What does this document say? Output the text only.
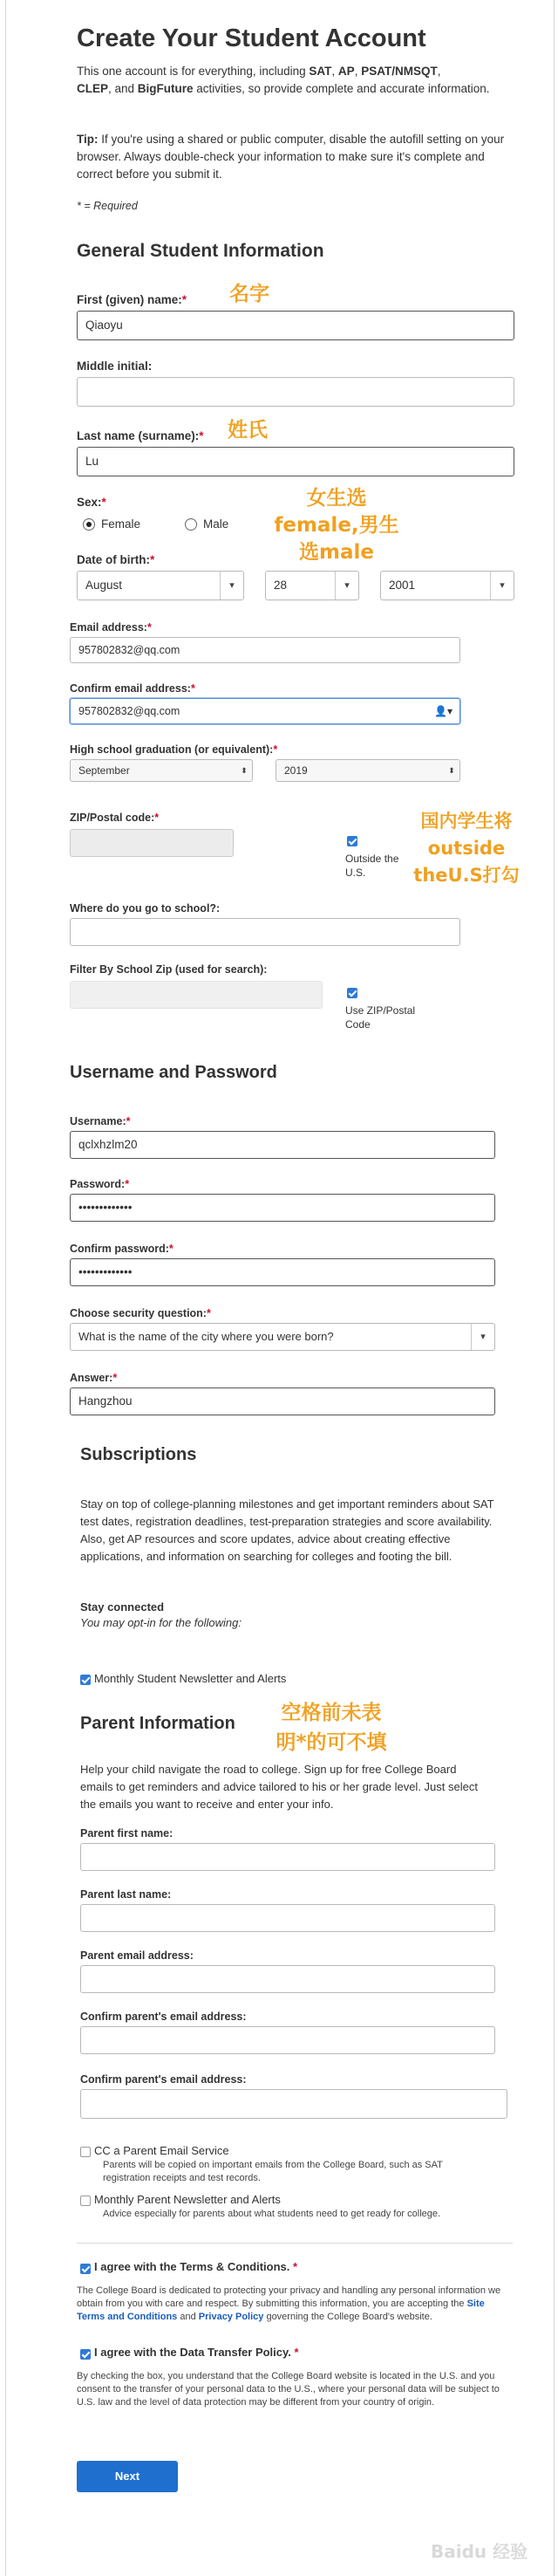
Create Your Student Account
This one account is for everything, including SAT, AP, PSAT/NMSQT,
CLEP, and BigFuture activities, so provide complete and accurate information.
Tip: If you're using a shared or public computer, disable the autofill setting on your browser. Always double-check your information to make sure it's complete and correct before you submit it.
* = Required
General Student Information
First (given) name:*
Qiaoyu
名字
Middle initial:
Last name (surname):*
Lu
姓氏
Sex:*
Female	Male
女生选
female,男生
选male
Date of birth:*
August	▾	28	▾	2001	▾
Email address:*
957802832@qq.com
Confirm email address:*
957802832@qq.com	👤▾
High school graduation (or equivalent):*
September	⬍	2019	⬍
ZIP/Postal code:*
Outside the
U.S.
国内学生将
outside
theU.S打勾
Where do you go to school?:
Filter By School Zip (used for search):
Use ZIP/Postal
Code
Username and Password
Username:*
qclxhzlm20
Password:*
•••••••••••••
Confirm password:*
•••••••••••••
Choose security question:*
What is the name of the city where you were born?	▾
Answer:*
Hangzhou
Subscriptions
Stay on top of college-planning milestones and get important reminders about SAT test dates, registration deadlines, test-preparation strategies and score availability. Also, get AP resources and score updates, advice about creating effective applications, and information on searching for colleges and footing the bill.
Stay connected
You may opt-in for the following:
Monthly Student Newsletter and Alerts
Parent Information	空格前未表
明*的可不填
Help your child navigate the road to college. Sign up for free College Board emails to get reminders and advice tailored to his or her grade level. Just select the emails you want to receive and enter your info.
Parent first name:
Parent last name:
Parent email address:
Confirm parent's email address:
Confirm parent's email address:
CC a Parent Email Service
Parents will be copied on important emails from the College Board, such as SAT registration receipts and test records.
Monthly Parent Newsletter and Alerts
Advice especially for parents about what students need to get ready for college.
I agree with the Terms & Conditions. *
The College Board is dedicated to protecting your privacy and handling any personal information we obtain from you with care and respect. By submitting this information, you are accepting the Site Terms and Conditions and Privacy Policy governing the College Board's website.
I agree with the Data Transfer Policy. *
By checking the box, you understand that the College Board website is located in the U.S. and you consent to the transfer of your personal data to the U.S., where your personal data will be subject to U.S. law and the level of data protection may be different from your country of origin.
Next
Baidu 经验
